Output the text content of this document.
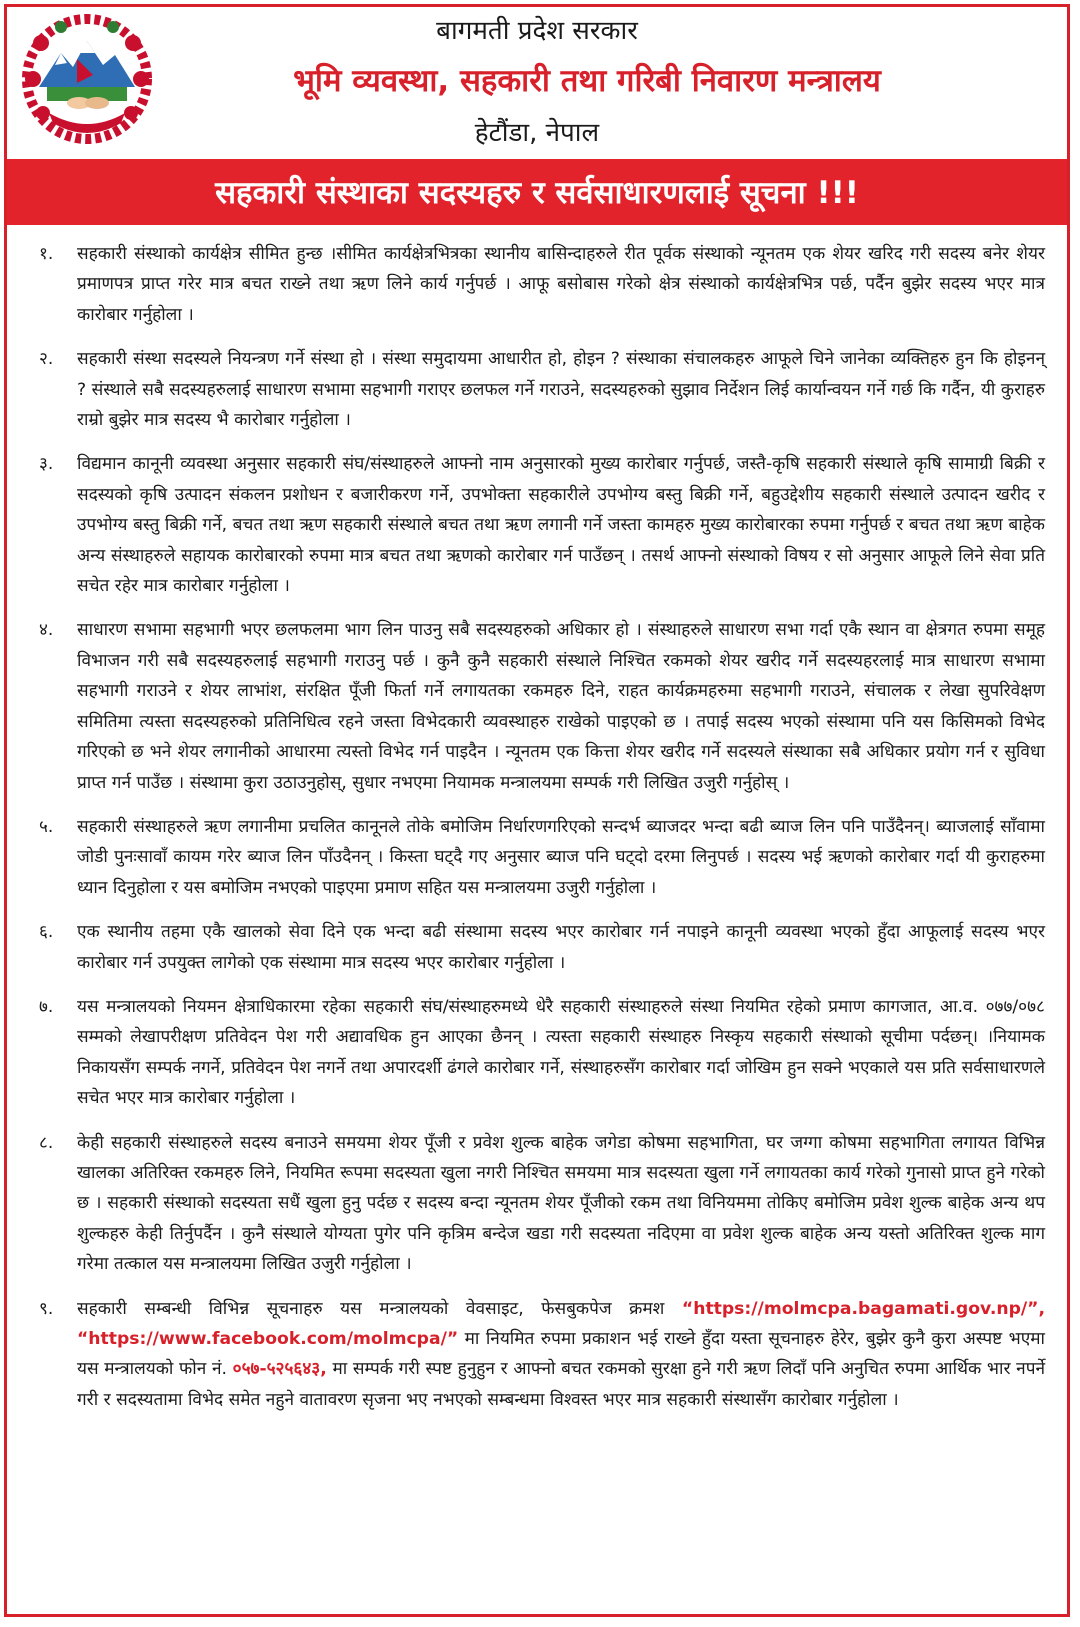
बागमती प्रदेश सरकार
भूमि व्यवस्था, सहकारी तथा गरिबी निवारण मन्त्रालय
हेटौंडा, नेपाल
सहकारी संस्थाका सदस्यहरु र सर्वसाधारणलाई सूचना !!!
१.	सहकारी संस्थाको कार्यक्षेत्र सीमित हुन्छ ।सीमित कार्यक्षेत्रभित्रका स्थानीय बासिन्दाहरुले रीत पूर्वक संस्थाको न्यूनतम एक शेयर खरिद गरी सदस्य बनेर शेयर प्रमाणपत्र प्राप्त गरेर मात्र बचत राख्ने तथा ऋण लिने कार्य गर्नुपर्छ । आफू बसोबास गरेको क्षेत्र संस्थाको कार्यक्षेत्रभित्र पर्छ, पर्दैन बुझेर सदस्य भएर मात्र कारोबार गर्नुहोला ।
२.	सहकारी संस्था सदस्यले नियन्त्रण गर्ने संस्था हो । संस्था समुदायमा आधारीत हो, होइन ? संस्थाका संचालकहरु आफूले चिने जानेका व्यक्तिहरु हुन कि होइनन् ? संस्थाले सबै सदस्यहरुलाई साधारण सभामा सहभागी गराएर छलफल गर्ने गराउने, सदस्यहरुको सुझाव निर्देशन लिई कार्यान्वयन गर्ने गर्छ कि गर्दैन, यी कुराहरु राम्रो बुझेर मात्र सदस्य भै कारोबार गर्नुहोला ।
३.	विद्यमान कानूनी व्यवस्था अनुसार सहकारी संघ/संस्थाहरुले आफ्नो नाम अनुसारको मुख्य कारोबार गर्नुपर्छ, जस्तै-कृषि सहकारी संस्थाले कृषि सामाग्री बिक्री र सदस्यको कृषि उत्पादन संकलन प्रशोधन र बजारीकरण गर्ने, उपभोक्ता सहकारीले उपभोग्य बस्तु बिक्री गर्ने, बहुउद्देशीय सहकारी संस्थाले उत्पादन खरीद र उपभोग्य बस्तु बिक्री गर्ने, बचत तथा ऋण सहकारी संस्थाले बचत तथा ऋण लगानी गर्ने जस्ता कामहरु मुख्य कारोबारका रुपमा गर्नुपर्छ र बचत तथा ऋण बाहेक अन्य संस्थाहरुले सहायक कारोबारको रुपमा मात्र बचत तथा ऋणको कारोबार गर्न पाउँछन् । तसर्थ आफ्नो संस्थाको विषय र सो अनुसार आफूले लिने सेवा प्रति सचेत रहेर मात्र कारोबार गर्नुहोला ।
४.	साधारण सभामा सहभागी भएर छलफलमा भाग लिन पाउनु सबै सदस्यहरुको अधिकार हो । संस्थाहरुले साधारण सभा गर्दा एकै स्थान वा क्षेत्रगत रुपमा समूह विभाजन गरी सबै सदस्यहरुलाई सहभागी गराउनु पर्छ । कुनै कुनै सहकारी संस्थाले निश्चित रकमको शेयर खरीद गर्ने सदस्यहरलाई मात्र साधारण सभामा सहभागी गराउने र शेयर लाभांश, संरक्षित पूँजी फिर्ता गर्ने लगायतका रकमहरु दिने, राहत कार्यक्रमहरुमा सहभागी गराउने, संचालक र लेखा सुपरिवेक्षण समितिमा त्यस्ता सदस्यहरुको प्रतिनिधित्व रहने जस्ता विभेदकारी व्यवस्थाहरु राखेको पाइएको छ । तपाई सदस्य भएको संस्थामा पनि यस किसिमको विभेद गरिएको छ भने शेयर लगानीको आधारमा त्यस्तो विभेद गर्न पाइदैन । न्यूनतम एक कित्ता शेयर खरीद गर्ने सदस्यले संस्थाका सबै अधिकार प्रयोग गर्न र सुविधा प्राप्त गर्न पाउँछ । संस्थामा कुरा उठाउनुहोस्, सुधार नभएमा नियामक मन्त्रालयमा सम्पर्क गरी लिखित उजुरी गर्नुहोस् ।
५.	सहकारी संस्थाहरुले ऋण लगानीमा प्रचलित कानूनले तोके बमोजिम निर्धारणगरिएको सन्दर्भ ब्याजदर भन्दा बढी ब्याज लिन पनि पाउँदैनन्। ब्याजलाई साँवामा जोडी पुनःसावाँ कायम गरेर ब्याज लिन पाँउदैनन् । किस्ता घट्दै गए अनुसार ब्याज पनि घट्दो दरमा लिनुपर्छ । सदस्य भई ऋणको कारोबार गर्दा यी कुराहरुमा ध्यान दिनुहोला र यस बमोजिम नभएको पाइएमा प्रमाण सहित यस मन्त्रालयमा उजुरी गर्नुहोला ।
६.	एक स्थानीय तहमा एकै खालको सेवा दिने एक भन्दा बढी संस्थामा सदस्य भएर कारोबार गर्न नपाइने कानूनी व्यवस्था भएको हुँदा आफूलाई सदस्य भएर कारोबार गर्न उपयुक्त लागेको एक संस्थामा मात्र सदस्य भएर कारोबार गर्नुहोला ।
७.	यस मन्त्रालयको नियमन क्षेत्राधिकारमा रहेका सहकारी संघ/संस्थाहरुमध्ये धेरै सहकारी संस्थाहरुले संस्था नियमित रहेको प्रमाण कागजात, आ.व. ०७७/०७८ सम्मको लेखापरीक्षण प्रतिवेदन पेश गरी अद्यावधिक हुन आएका छैनन् । त्यस्ता सहकारी संस्थाहरु निस्कृय सहकारी संस्थाको सूचीमा पर्दछन्। ।नियामक निकायसँग सम्पर्क नगर्ने, प्रतिवेदन पेश नगर्ने तथा अपारदर्शी ढंगले कारोबार गर्ने, संस्थाहरुसँग कारोबार गर्दा जोखिम हुन सक्ने भएकाले यस प्रति सर्वसाधारणले सचेत भएर मात्र कारोबार गर्नुहोला ।
८.	केही सहकारी संस्थाहरुले सदस्य बनाउने समयमा शेयर पूँजी र प्रवेश शुल्क बाहेक जगेडा कोषमा सहभागिता, घर जग्गा कोषमा सहभागिता लगायत विभिन्न खालका अतिरिक्त रकमहरु लिने, नियमित रूपमा सदस्यता खुला नगरी निश्चित समयमा मात्र सदस्यता खुला गर्ने लगायतका कार्य गरेको गुनासो प्राप्त हुने गरेको छ । सहकारी संस्थाको सदस्यता सधैं खुला हुनु पर्दछ र सदस्य बन्दा न्यूनतम शेयर पूँजीको रकम तथा विनियममा तोकिए बमोजिम प्रवेश शुल्क बाहेक अन्य थप शुल्कहरु केही तिर्नुपर्दैन । कुनै संस्थाले योग्यता पुगेर पनि कृत्रिम बन्देज खडा गरी सदस्यता नदिएमा वा प्रवेश शुल्क बाहेक अन्य यस्तो अतिरिक्त शुल्क माग गरेमा तत्काल यस मन्त्रालयमा लिखित उजुरी गर्नुहोला ।
९.	सहकारी सम्बन्धी विभिन्न सूचनाहरु यस मन्त्रालयको वेवसाइट, फेसबुकपेज क्रमश “https://molmcpa.bagamati.gov.np/”, “https://www.facebook.com/molmcpa/” मा नियमित रुपमा प्रकाशन भई राख्ने हुँदा यस्ता सूचनाहरु हेरेर, बुझेर कुनै कुरा अस्पष्ट भएमा यस मन्त्रालयको फोन नं. ०५७-५२५६४३, मा सम्पर्क गरी स्पष्ट हुनुहुन र आफ्नो बचत रकमको सुरक्षा हुने गरी ऋण लिदाँ पनि अनुचित रुपमा आर्थिक भार नपर्ने गरी र सदस्यतामा विभेद समेत नहुने वातावरण सृजना भए नभएको सम्बन्धमा विश्वस्त भएर मात्र सहकारी संस्थासँग कारोबार गर्नुहोला ।
